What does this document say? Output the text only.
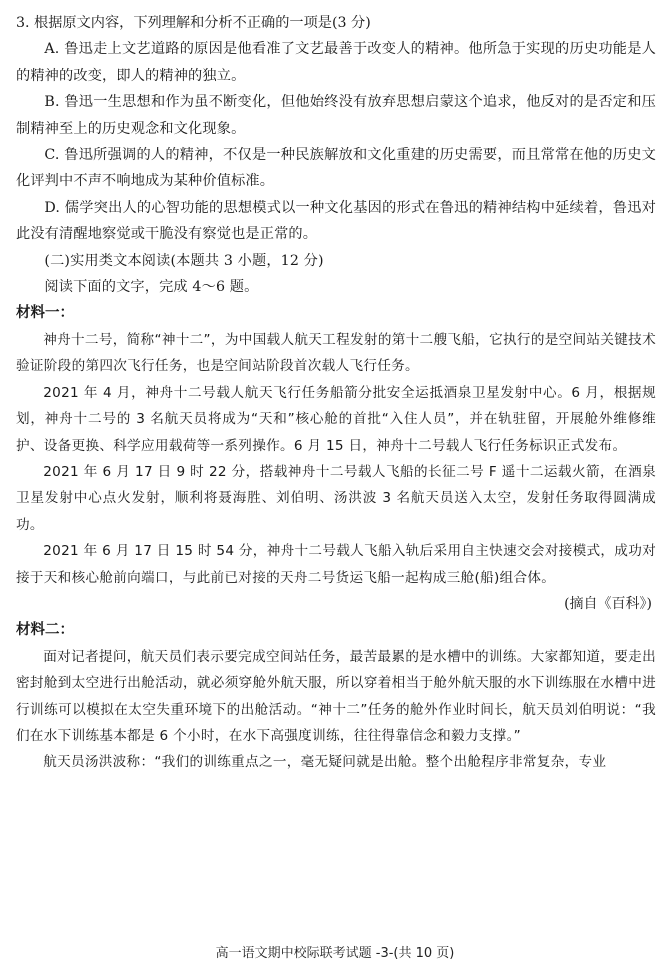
3. 根据原文内容，下列理解和分析不正确的一项是(3 分)

A. 鲁迅走上文艺道路的原因是他看准了文艺最善于改变人的精神。他所急于实现的历史功能是人的精神的改变，即人的精神的独立。

B. 鲁迅一生思想和作为虽不断变化，但他始终没有放弃思想启蒙这个追求，他反对的是否定和压制精神至上的历史观念和文化现象。

C. 鲁迅所强调的人的精神，不仅是一种民族解放和文化重建的历史需要，而且常常在他的历史文化评判中不声不响地成为某种价值标准。

D. 儒学突出人的心智功能的思想模式以一种文化基因的形式在鲁迅的精神结构中延续着，鲁迅对此没有清醒地察觉或干脆没有察觉也是正常的。

(二)实用类文本阅读(本题共 3 小题，12 分)

阅读下面的文字，完成 4～6 题。

材料一：

神舟十二号，简称“神十二”，为中国载人航天工程发射的第十二艘飞船，它执行的是空间站关键技术验证阶段的第四次飞行任务，也是空间站阶段首次载人飞行任务。

2021 年 4 月，神舟十二号载人航天飞行任务船箭分批安全运抵酒泉卫星发射中心。6 月，根据规划，神舟十二号的 3 名航天员将成为“天和”核心舱的首批“入住人员”，并在轨驻留，开展舱外维修维护、设备更换、科学应用载荷等一系列操作。6 月 15 日，神舟十二号载人飞行任务标识正式发布。

2021 年 6 月 17 日 9 时 22 分，搭载神舟十二号载人飞船的长征二号 F 遥十二运载火箭，在酒泉卫星发射中心点火发射，顺利将聂海胜、刘伯明、汤洪波 3 名航天员送入太空，发射任务取得圆满成功。

2021 年 6 月 17 日 15 时 54 分，神舟十二号载人飞船入轨后采用自主快速交会对接模式，成功对接于天和核心舱前向端口，与此前已对接的天舟二号货运飞船一起构成三舱(船)组合体。

(摘自《百科》)

材料二：

面对记者提问，航天员们表示要完成空间站任务，最苦最累的是水槽中的训练。大家都知道，要走出密封舱到太空进行出舱活动，就必须穿舱外航天服，所以穿着相当于舱外航天服的水下训练服在水槽中进行训练可以模拟在太空失重环境下的出舱活动。“神十二”任务的舱外作业时间长，航天员刘伯明说：“我们在水下训练基本都是 6 个小时，在水下高强度训练，往往得靠信念和毅力支撑。”

航天员汤洪波称：“我们的训练重点之一，毫无疑问就是出舱。整个出舱程序非常复杂，专业

高一语文期中校际联考试题 -3-(共 10 页)
